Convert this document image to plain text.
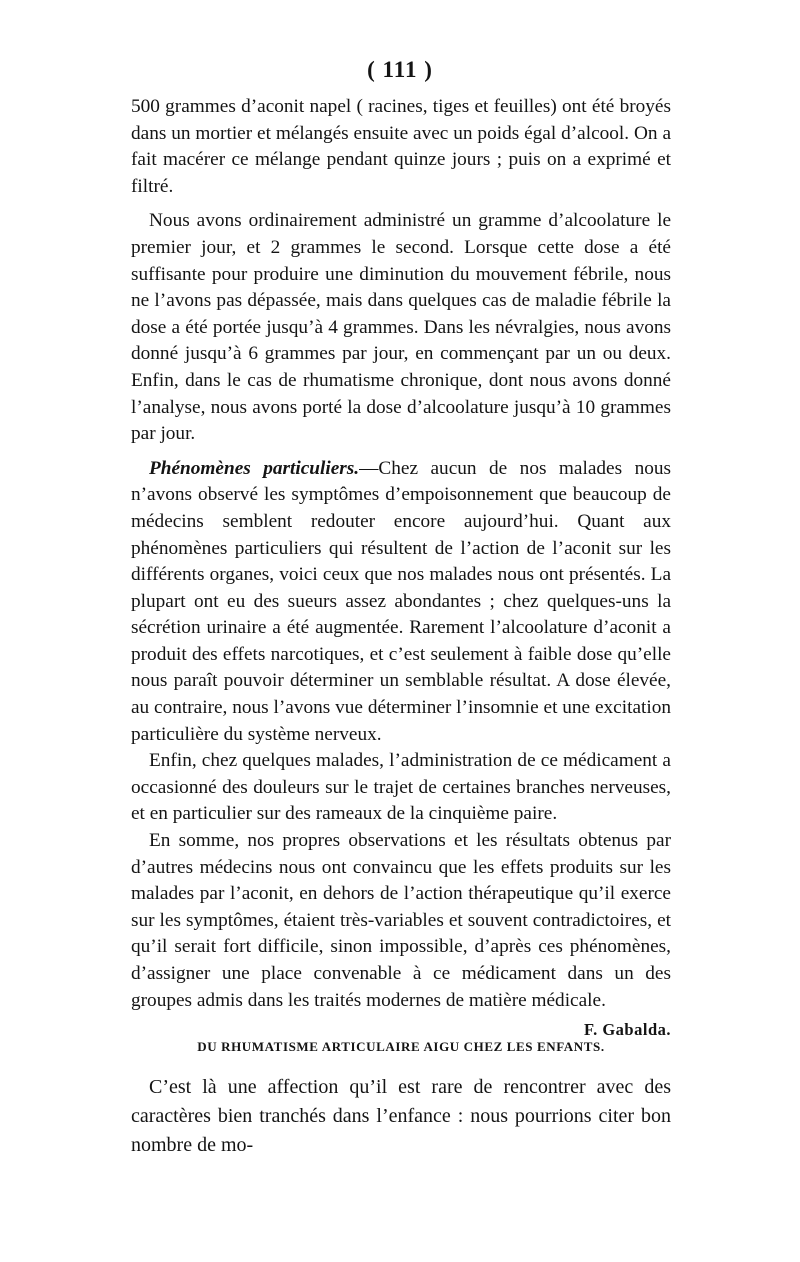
( 111 )

500 grammes d’aconit napel ( racines, tiges et feuilles) ont été broyés dans un mortier et mélangés ensuite avec un poids égal d’alcool. On a fait macérer ce mélange pendant quinze jours ; puis on a exprimé et filtré.

Nous avons ordinairement administré un gramme d’alcoolature le premier jour, et 2 grammes le second. Lorsque cette dose a été suffisante pour produire une diminution du mouvement fébrile, nous ne l’avons pas dépassée, mais dans quelques cas de maladie fébrile la dose a été portée jusqu’à 4 grammes. Dans les névralgies, nous avons donné jusqu’à 6 grammes par jour, en commençant par un ou deux. Enfin, dans le cas de rhumatisme chronique, dont nous avons donné l’analyse, nous avons porté la dose d’alcoolature jusqu’à 10 grammes par jour.

Phénomènes particuliers.—Chez aucun de nos malades nous n’avons observé les symptômes d’empoisonnement que beaucoup de médecins semblent redouter encore aujourd’hui. Quant aux phénomènes particuliers qui résultent de l’action de l’aconit sur les différents organes, voici ceux que nos malades nous ont présentés. La plupart ont eu des sueurs assez abondantes ; chez quelques-uns la sécrétion urinaire a été augmentée. Rarement l’alcoolature d’aconit a produit des effets narcotiques, et c’est seulement à faible dose qu’elle nous paraît pouvoir déterminer un semblable résultat. A dose élevée, au contraire, nous l’avons vue déterminer l’insomnie et une excitation particulière du système nerveux.

Enfin, chez quelques malades, l’administration de ce médicament a occasionné des douleurs sur le trajet de certaines branches nerveuses, et en particulier sur des rameaux de la cinquième paire.

En somme, nos propres observations et les résultats obtenus par d’autres médecins nous ont convaincu que les effets produits sur les malades par l’aconit, en dehors de l’action thérapeutique qu’il exerce sur les symptômes, étaient très-variables et souvent contradictoires, et qu’il serait fort difficile, sinon impossible, d’après ces phénomènes, d’assigner une place convenable à ce médicament dans un des groupes admis dans les traités modernes de matière médicale.

F. Gabalda.

DU RHUMATISME ARTICULAIRE AIGU CHEZ LES ENFANTS.

C’est là une affection qu’il est rare de rencontrer avec des caractères bien tranchés dans l’enfance : nous pourrions citer bon nombre de mo-
